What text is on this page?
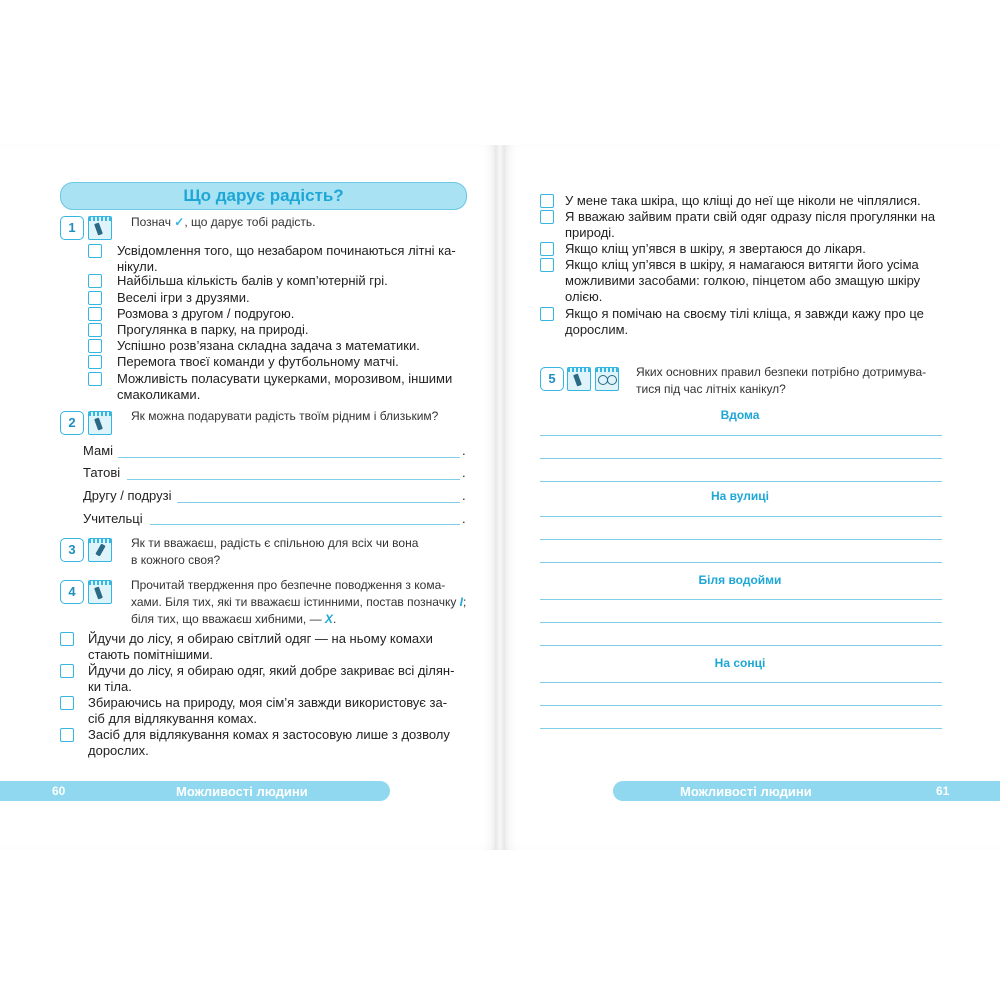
Що дарує радість?
1	Познач ✓, що дарує тобі радість.
Усвідомлення того, що незабаром починаються літні ка-
нікули.
Найбільша кількість балів у комп’ютерній грі.
Веселі ігри з друзями.
Розмова з другом / подругою.
Прогулянка в парку, на природі.
Успішно розв’язана складна задача з математики.
Перемога твоєї команди у футбольному матчі.
Можливість поласувати цукерками, морозивом, іншими
смаколиками.
2	Як можна подарувати радість твоїм рідним і близьким?
Мамі	.
Татові	.
Другу / подрузі	.
Учительці	.
3	Як ти вважаєш, радість є спільною для всіх чи вона
в кожного своя?
4	Прочитай твердження про безпечне поводження з кома-
хами. Біля тих, які ти вважаєш істинними, постав позначку I;
біля тих, що вважаєш хибними, — X.
Йдучи до лісу, я обираю світлий одяг — на ньому комахи
стають помітнішими.
Йдучи до лісу, я обираю одяг, який добре закриває всі ділян-
ки тіла.
Збираючись на природу, моя сім’я завжди використовує за-
сіб для відлякування комах.
Засіб для відлякування комах я застосовую лише з дозволу
дорослих.
60	Можливості людини
У мене така шкіра, що кліщі до неї ще ніколи не чіплялися.
Я вважаю зайвим прати свій одяг одразу після прогулянки на
природі.
Якщо кліщ уп’явся в шкіру, я звертаюся до лікаря.
Якщо кліщ уп’явся в шкіру, я намагаюся витягти його усіма
можливими засобами: голкою, пінцетом або змащую шкіру
олією.
Якщо я помічаю на своєму тілі кліща, я завжди кажу про це
дорослим.
5	Яких основних правил безпеки потрібно дотримува-
тися під час літніх канікул?
Вдома
На вулиці
Біля водойми
На сонці
Можливості людини	61
